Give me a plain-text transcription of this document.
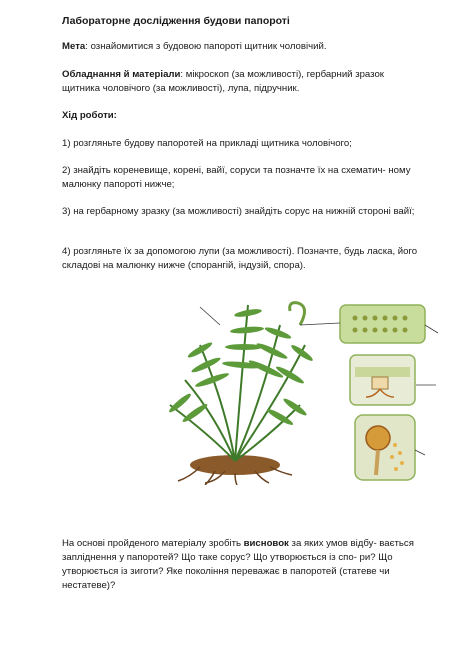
Лабораторне дослідження будови папороті
Мета: ознайомитися з будовою папороті щитник чоловічий.
Обладнання й матеріали: мікроскоп (за можливості), гербарний зразок щитника чоловічого (за можливості), лупа, підручник.
Хід роботи:
1) розгляньте будову папоротей на прикладі щитника чоловічого;
2) знайдіть кореневище, корені, вайї, соруси та позначте їх на схематич- ному малюнку папороті нижче;
3) на гербарному зразку (за можливості) знайдіть сорус на нижній стороні вайї;
4) розгляньте їх за допомогою лупи (за можливості). Позначте, будь ласка, його складові на малюнку нижче (спорангій, індузій, спора).
На основі пройденого матеріалу зробіть висновок за яких умов відбу- вається запліднення у папоротей? Що таке сорус? Що утворюється із спо- ри? Що утворюється із зиготи? Яке покоління переважає в папоротей (статеве чи нестатеве)?
